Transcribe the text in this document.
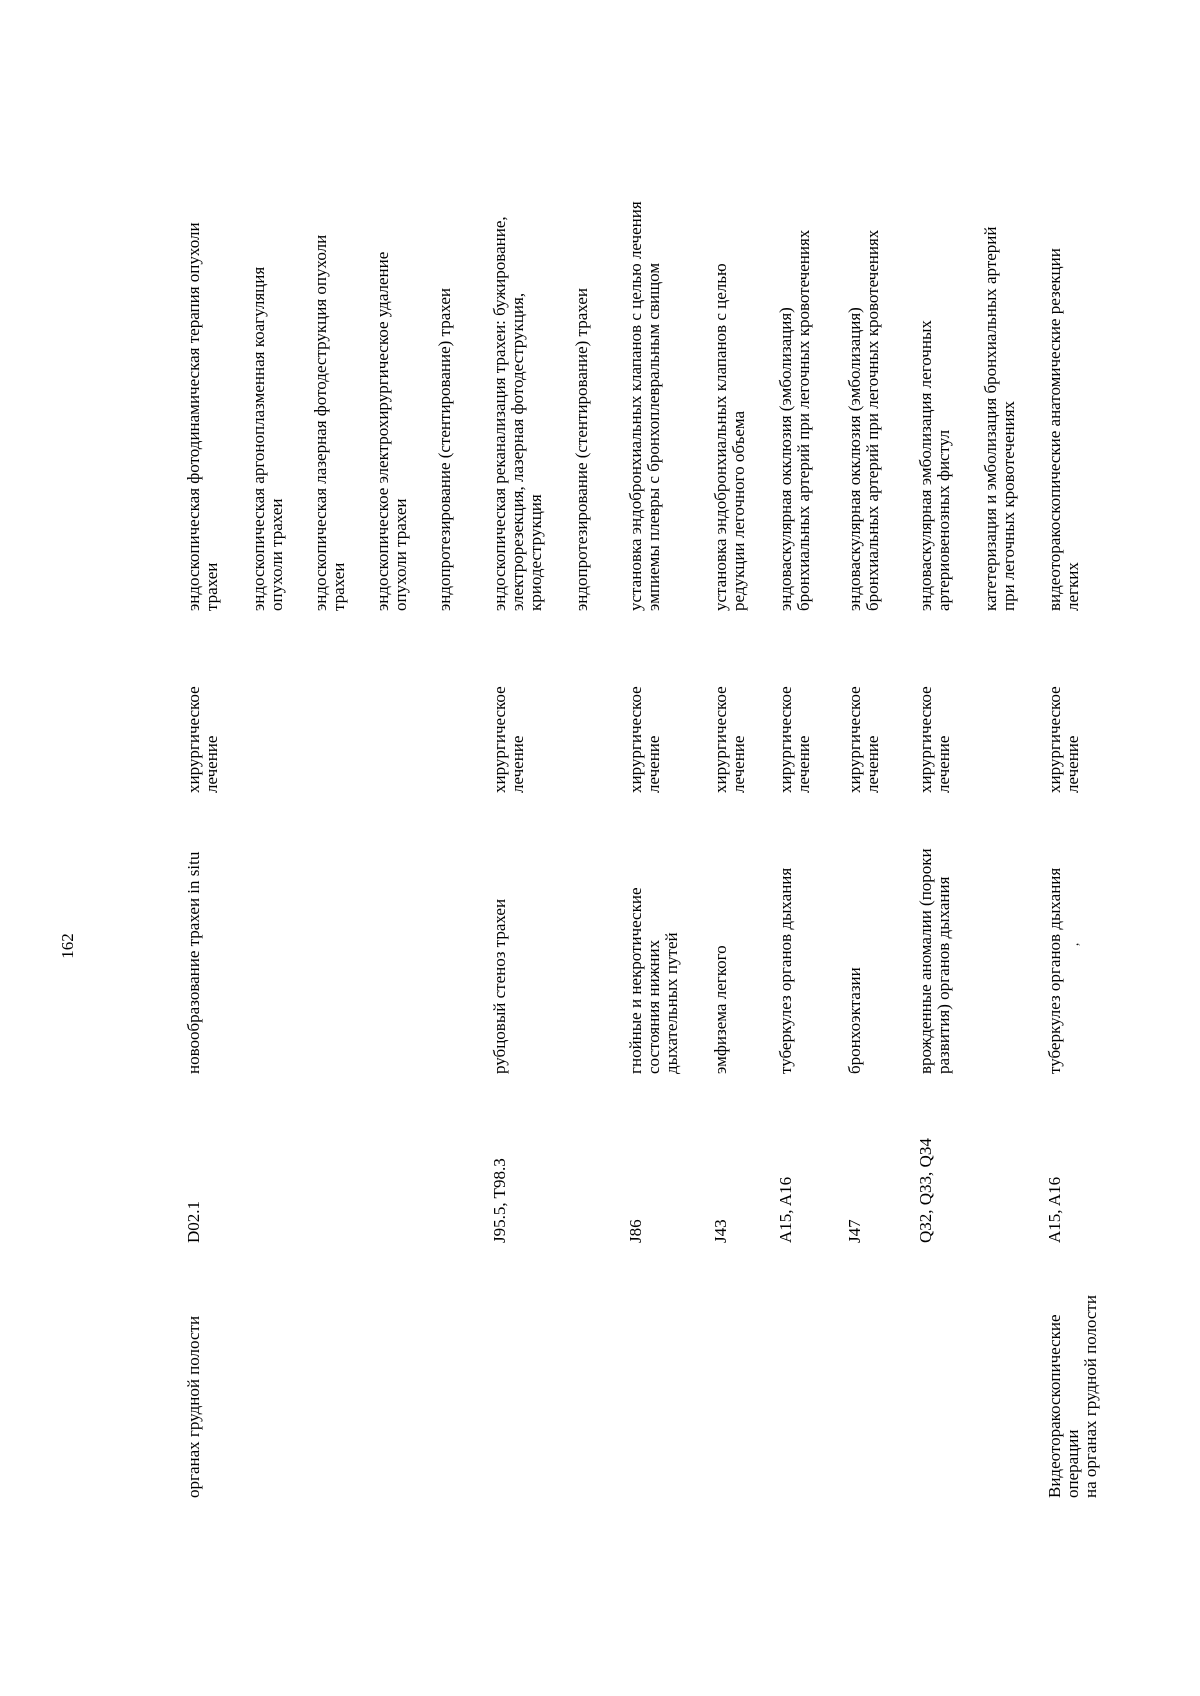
162
органах грудной полости
D02.1
новообразование трахеи in situ
хирургическое
лечение
эндоскопическая фотодинамическая терапия опухоли
трахеи эндоскопическая аргоноплазменная коагуляция
опухоли трахеи эндоскопическая лазерная фотодеструкция опухоли
трахеи эндоскопическое электрохирургическое удаление
опухоли трахеи эндопротезирование (стентирование) трахеи
J95.5, T98.3
рубцовый стеноз трахеи
хирургическое
лечение
эндоскопическая реканализация трахеи: бужирование,
электрорезекция, лазерная фотодеструкция,
криодеструкция эндопротезирование (стентирование) трахеи
J86
гнойные и некротические
состояния нижних
дыхательных путей
хирургическое
лечение
установка эндобронхиальных клапанов с целью лечения
эмпиемы плевры с бронхоплевральным свищом
J43
эмфизема легкого
хирургическое
лечение
установка эндобронхиальных клапанов с целью
редукции легочного объема
A15, A16
туберкулез органов дыхания
хирургическое
лечение
эндоваскулярная окклюзия (эмболизация)
бронхиальных артерий при легочных кровотечениях
J47
бронхоэктазии
хирургическое
лечение
эндоваскулярная окклюзия (эмболизация)
бронхиальных артерий при легочных кровотечениях
Q32, Q33, Q34
врожденные аномалии (пороки
развития) органов дыхания
хирургическое
лечение
эндоваскулярная эмболизация легочных
артериовенозных фистул
катетеризация и эмболизация бронхиальных артерий
при легочных кровотечениях
Видеоторакоскопические операции
на органах грудной полости
A15, A16
туберкулез органов дыхания
хирургическое
лечение
видеоторакоскопические анатомические резекции
легких
,
